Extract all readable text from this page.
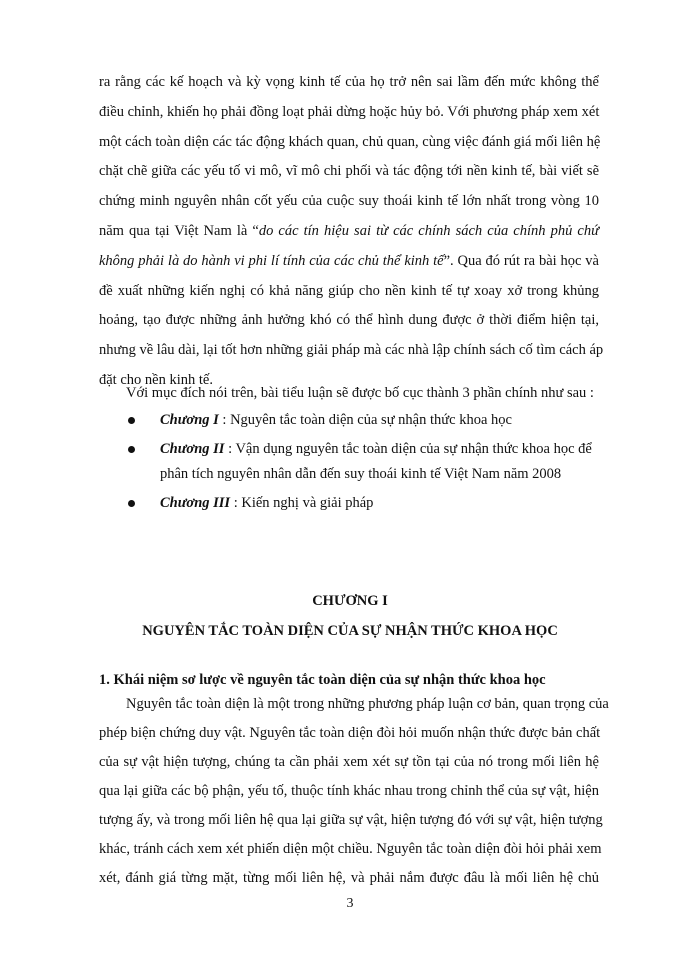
ra rằng các kế hoạch và kỳ vọng kinh tế của họ trở nên sai lầm đến mức không thể
điều chỉnh, khiến họ phải đồng loạt phải dừng hoặc hủy bỏ. Với phương pháp xem xét
một cách toàn diện các tác động khách quan, chủ quan, cùng việc đánh giá mối liên hệ
chặt chẽ giữa các yếu tố vi mô, vĩ mô chi phối và tác động tới nền kinh tế, bài viết sẽ
chứng minh nguyên nhân cốt yếu của cuộc suy thoái kinh tế lớn nhất trong vòng 10
năm qua tại Việt Nam là “do các tín hiệu sai từ các chính sách của chính phủ chứ
không phải là do hành vi phi lí tính của các chủ thể kinh tế”. Qua đó rút ra bài học và
đề xuất những kiến nghị có khả năng giúp cho nền kinh tế tự xoay xở trong khủng
hoảng, tạo được những ảnh hưởng khó có thể hình dung được ở thời điểm hiện tại,
nhưng về lâu dài, lại tốt hơn những giải pháp mà các nhà lập chính sách cố tìm cách áp
đặt cho nền kinh tế.
Với mục đích nói trên, bài tiểu luận sẽ được bố cục thành 3 phần chính như sau :
Chương I : Nguyên tắc toàn diện của sự nhận thức khoa học
Chương II : Vận dụng nguyên tắc toàn diện của sự nhận thức khoa học để phân tích nguyên nhân dẫn đến suy thoái kinh tế Việt Nam năm 2008
Chương III : Kiến nghị và giải pháp
CHƯƠNG I
NGUYÊN TẮC TOÀN DIỆN CỦA SỰ NHẬN THỨC KHOA HỌC
1. Khái niệm sơ lược về nguyên tắc toàn diện của sự nhận thức khoa học
Nguyên tắc toàn diện là một trong những phương pháp luận cơ bản, quan trọng của
phép biện chứng duy vật. Nguyên tắc toàn diện đòi hỏi muốn nhận thức được bản chất
của sự vật hiện tượng, chúng ta cần phải xem xét sự tồn tại của nó trong mối liên hệ
qua lại giữa các bộ phận, yếu tố, thuộc tính khác nhau trong chỉnh thể của sự vật, hiện
tượng ấy, và trong mối liên hệ qua lại giữa sự vật, hiện tượng đó với sự vật, hiện tượng
khác, tránh cách xem xét phiến diện một chiều. Nguyên tắc toàn diện đòi hỏi phải xem
xét, đánh giá từng mặt, từng mối liên hệ, và phải nắm được đâu là mối liên hệ chủ
3
